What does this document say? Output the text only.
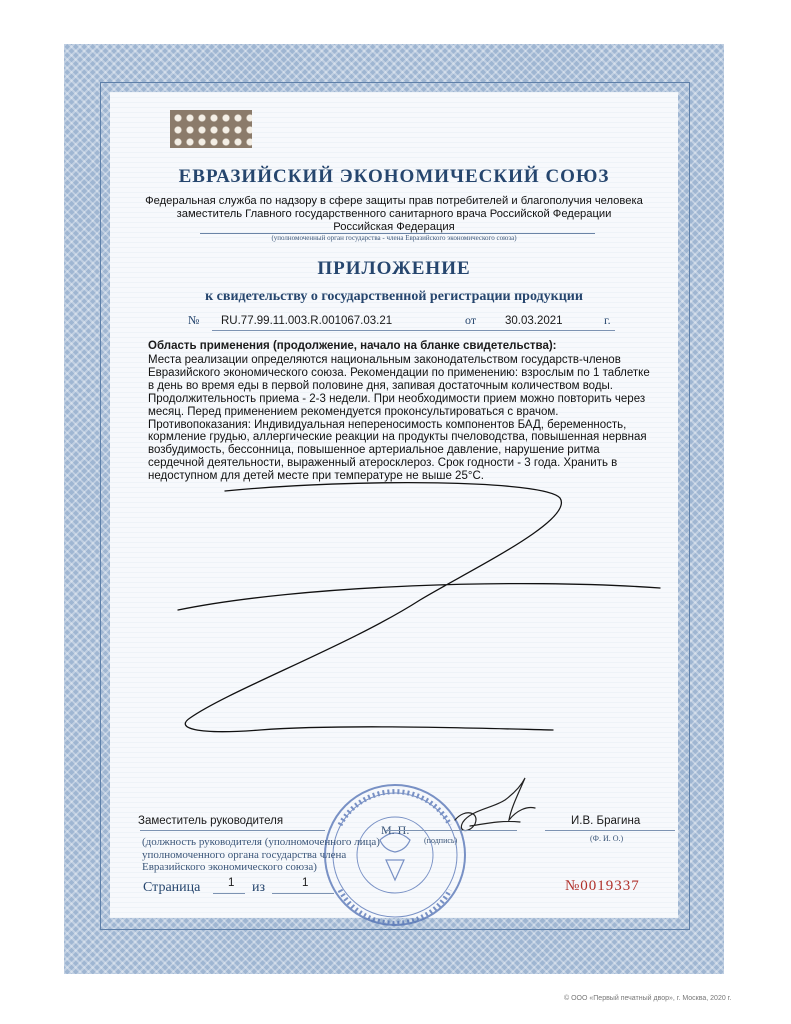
ЕВРАЗИЙСКИЙ ЭКОНОМИЧЕСКИЙ СОЮЗ
Федеральная служба по надзору в сфере защиты прав потребителей и благополучия человека
заместитель Главного государственного санитарного врача Российской Федерации
Российская Федерация
(уполномоченный орган государства - члена Евразийского экономического союза)
ПРИЛОЖЕНИЕ
к свидетельству о государственной регистрации продукции
№ RU.77.99.11.003.R.001067.03.21	от	30.03.2021	г.
Область применения (продолжение, начало на бланке свидетельства):
Места реализации определяются национальным законодательством государств-членов Евразийского экономического союза. Рекомендации по применению: взрослым по 1 таблетке в день во время еды в первой половине дня, запивая достаточным количеством воды. Продолжительность приема - 2-3 недели. При необходимости прием можно повторить через месяц. Перед применением рекомендуется проконсультироваться с врачом. Противопоказания: Индивидуальная непереносимость компонентов БАД, беременность, кормление грудью, аллергические реакции на продукты пчеловодства, повышенная нервная возбудимость, бессонница, повышенное артериальное давление, нарушение ритма сердечной деятельности, выраженный атеросклероз. Срок годности - 3 года. Хранить в недоступном для детей месте при температуре не выше 25°С.
Заместитель руководителя
М. П.
(подпись)
И.В. Брагина
(Ф. И. О.)
(должность руководителя (уполномоченного лица) уполномоченного органа государства члена Евразийского экономического союза)
Страница 1 из	1	№0019337
© ООО «Первый печатный двор», г. Москва, 2020 г.
